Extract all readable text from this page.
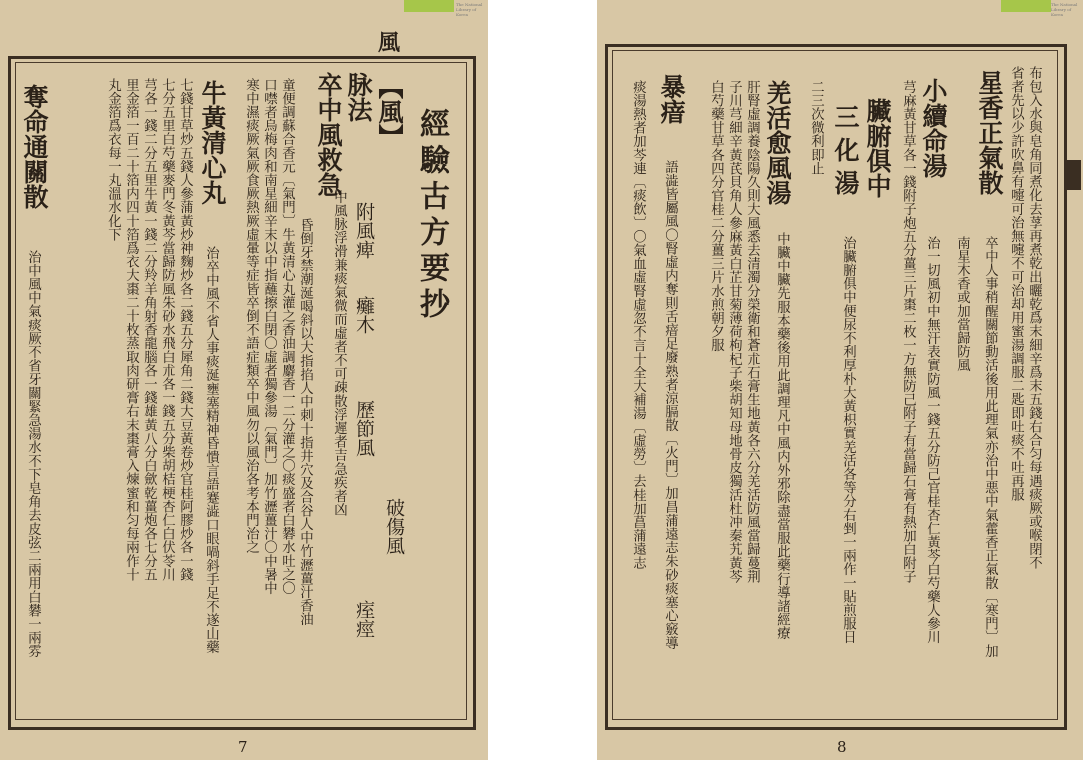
The National Library of Korea
風
經驗古方要抄
【風】
附風痺
癱木
歷節風
破傷風
痓痙
脉法
中風脉浮滑兼痰氣微而虛者不可疎散浮遲者吉急疾者凶
卒中風救急
昏倒牙禁潮涎喝斜以大指掐人中刺十指井穴及合谷人中竹瀝薑汁香油
童便調蘇合香元〔氣門〕牛黃清心丸灌之香油調麝香一二分灌之〇痰盛者白礬水吐之〇
口噤者烏梅肉和南星細辛末以中指蘸擦白閉〇虛者獨參湯〔氣門〕加竹瀝薑汁〇中暑中
寒中濕痰厥氣厥食厥熱厥虛暈等症皆卒倒不語症類卒中風勿以風治各考本門治之
牛黃清心丸
治卒中風不省人事痰涎壅塞精神昏憒言語蹇澁口眼喎斜手足不遂山藥
七錢甘草炒五錢人參蒲黃炒神麴炒各二錢五分犀角二錢大豆黃卷炒官桂阿膠炒各一錢
七分五里白芍藥麥門冬黃芩當歸防風朱砂水飛白朮各一錢五分柴胡桔梗杏仁白伏苓川
芎各一錢二分五里牛黃一錢二分羚羊角射香龍腦各一錢雄黃八分白歛乾薑炮各七分五
里金箔一百二十箔内四十箔爲衣大棗二十枚蒸取肉研膏右末棗膏入煉蜜和匀每兩作十
丸金箔爲衣每一丸溫水化下
奪命通關散
治中風中氣痰厥不省牙關緊急湯水不下皂角去皮弦二兩用白礬一兩雰
7
The National Library of Korea
布包入水與皂角同煮化去莩再煮乾出曬乾爲末細辛爲末五錢右合匀每遇痰厥或喉閉不
省者先以少許吹鼻有嚏可治無嚏不可治却用蜜湯調服二匙即吐痰不吐再服
星香正氣散
卒中人事稍醒關節動活後用此理氣亦治中悪中氣藿香正氣散〔寒門〕加
南星木香或加當歸防風
小續命湯
治一切風初中無汗表實防風一錢五分防己官桂杏仁黃芩白芍藥人參川
芎麻黃甘草各一錢附子炮五分薑三片棗二枚一方無防己附子有當歸石膏有熱加白附子
臟腑俱中
三化湯
治臟腑俱中便尿不利厚朴大黃枳實羌活各等分右剉一兩作一貼煎服日
二三次微利即止
羌活愈風湯
中臟中臟先服本藥後用此調理凡中風内外邪除盡當服此藥行導諸經療
肝腎虛調養陰陽久則大風悉去清濁分榮衛和蒼朮石膏生地黃各六分羌活防風當歸蔓荆
子川芎細辛黃芪貝角人參麻黃白芷甘菊薄荷枸杞子柴胡知母地骨皮獨活杜冲秦艽黃芩
白芍藥甘草各四分官桂二分薑三片水煎朝夕服
暴瘖
語澁皆屬風〇腎虛内奪則舌瘖足廢熟者涼膈散〔火門〕加昌蒲遠志朱砂痰塞心竅導
痰湯熱者加芩連〔痰飲〕〇氣血虛腎虛忽不言十全大補湯〔虛勞〕去桂加菖蒲遠志
8
